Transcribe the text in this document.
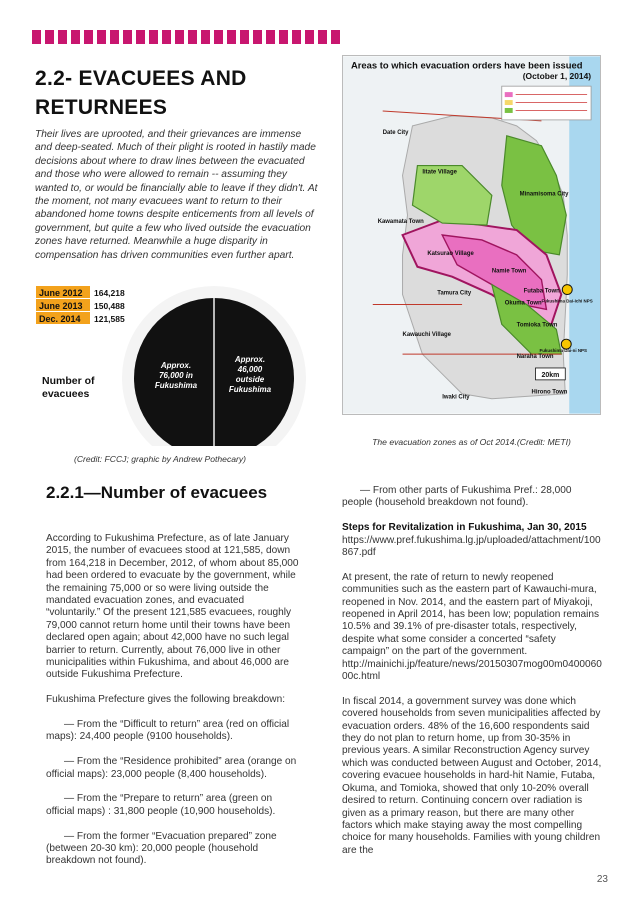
2.2- EVACUEES AND RETURNEES

Their lives are uprooted, and their grievances are immense and deep-seated. Much of their plight is rooted in hastily made decisions about where to draw lines between the evacuated and those who were allowed to remain -- assuming they wanted to, or would be financially able to leave if they didn't. At the moment, not many evacuees want to return to their abandoned home towns despite enticements from all levels of government, but quite a few who lived outside the evacuation zones have returned. Meanwhile a huge disparity in compensation has driven communities even further apart.

June 2012
June 2013
Dec. 2014
164,218
150,488
121,585
Approx. 76,000 in Fukushima
Approx. 46,000 outside Fukushima
Number of evacuees

(Credit: FCCJ; graphic by Andrew Pothecary)

Areas to which evacuation orders have been issued
(October 1, 2014)
Date City
Iitate Village
Minamisoma City
Kawamata Town
Katsurao Village
Namie Town
Tamura City	Futaba Town
Okuma Town Fukushima Dai-ichi NPS
Tomioka Town
Kawauchi Village
Naraha Town
Fukushima Dai-ni NPS
Iwaki City
Hirono Town
20km

The evacuation zones as of Oct 2014.(Credit: METI)

2.2.1—Number of evacuees

According to Fukushima Prefecture, as of late January 2015, the number of evacuees stood at 121,585, down from 164,218 in December, 2012, of whom about 85,000 had been ordered to evacuate by the government, while the remaining 75,000 or so were living outside the mandated evacuation zones, and evacuated “voluntarily.” Of the present 121,585 evacuees, roughly 79,000 cannot return home until their towns have been declared open again; about 42,000 have no such legal barrier to return. Currently, about 76,000 live in other municipalities within Fukushima, and about 46,000 are outside Fukushima Prefecture.

Fukushima Prefecture gives the following breakdown:

— From the “Difficult to return” area (red on official maps): 24,400 people (9100 households).

— From the “Residence prohibited” area (orange on official maps): 23,000 people (8,400 households).

— From the “Prepare to return” area (green on official maps) : 31,800 people (10,900 households).

— From the former “Evacuation prepared” zone (between 20-30 km): 20,000 people (household breakdown not found).

— From other parts of Fukushima Pref.: 28,000 people (household breakdown not found).

Steps for Revitalization in Fukushima, Jan 30, 2015

https://www.pref.fukushima.lg.jp/uploaded/attachment/100867.pdf

At present, the rate of return to newly reopened communities such as the eastern part of Kawauchi-mura, reopened in Nov. 2014, and the eastern part of Miyakoji, reopened in April 2014, has been low; population remains 10.5% and 39.1% of pre-disaster totals, respectively, despite what some consider a concerted “safety campaign” on the part of the government.

http://mainichi.jp/feature/news/20150307mog00m040006000c.html

In fiscal 2014, a government survey was done which covered households from seven municipalities affected by evacuation orders. 48% of the 16,600 respondents said they do not plan to return home, up from 30-35% in previous years. A similar Reconstruction Agency survey which was conducted between August and October, 2014, covering evacuee households in hard-hit Namie, Futaba, Okuma, and Tomioka, showed that only 10-20% overall desired to return. Continuing concern over radiation is given as a primary reason, but there are many other factors which make staying away the most compelling choice for many households. Families with young children are the

23
